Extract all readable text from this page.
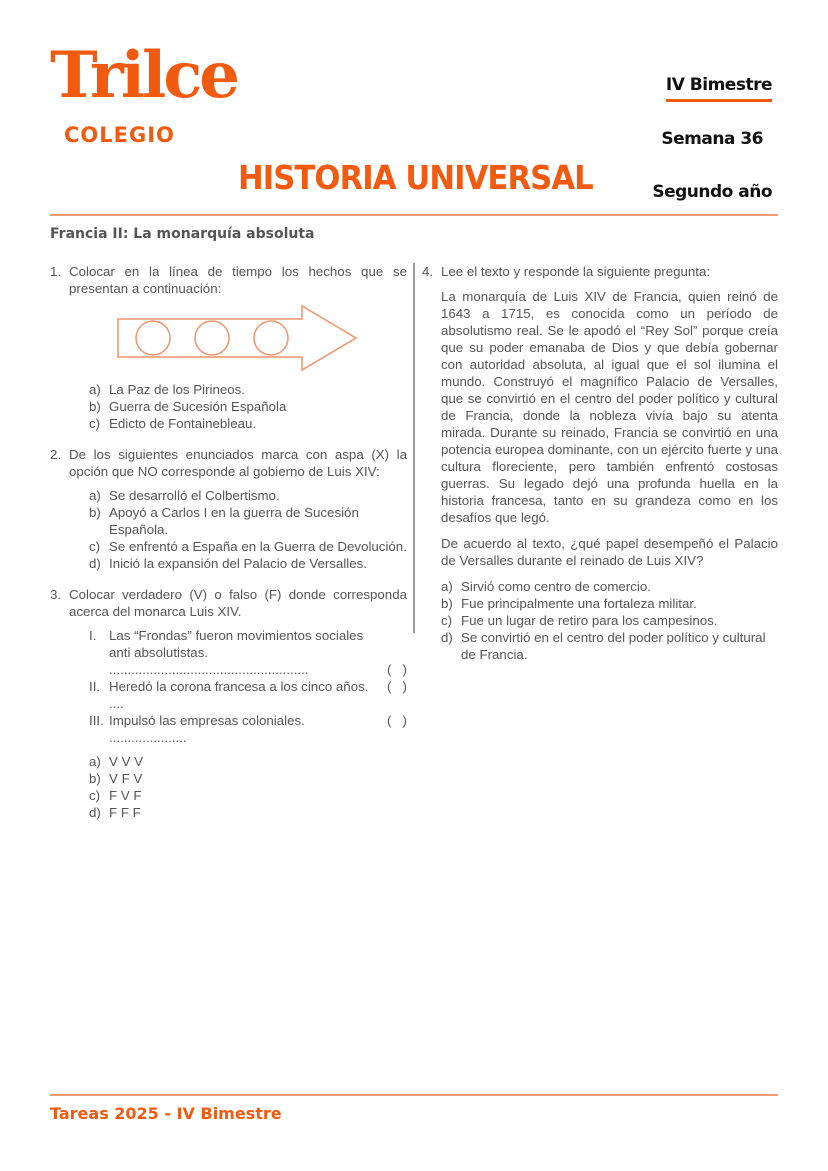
Trilce
COLEGIO
HISTORIA UNIVERSAL
IV Bimestre
Semana 36
Segundo año
Francia II: La monarquía absoluta
1. Colocar en la línea de tiempo los hechos que se presentan a continuación:
a) La Paz de los Pirineos.
b) Guerra de Sucesión Española
c) Edicto de Fontainebleau.
2. De los siguientes enunciados marca con aspa (X) la opción que NO corresponde al gobierno de Luis XIV:
a) Se desarrolló el Colbertismo.
b) Apoyó a Carlos I en la guerra de Sucesión Española.
c) Se enfrentó a España en la Guerra de Devolución.
d) Inició la expansión del Palacio de Versalles.
3. Colocar verdadero (V) o falso (F) donde corresponda acerca del monarca Luis XIV.
I. Las “Frondas” fueron movimientos sociales anti absolutistas. ......................................................	(   )
II. Heredó la corona francesa a los cinco años. ....
(   )
III. Impulsó las empresas coloniales. .....................
(   )
a) V V V
b) V F V
c) F V F
d) F F F
4. Lee el texto y responde la siguiente pregunta:

La monarquía de Luis XIV de Francia, quien reinó de 1643 a 1715, es conocida como un período de absolutismo real. Se le apodó el “Rey Sol” porque creía que su poder emanaba de Dios y que debía gobernar con autoridad absoluta, al igual que el sol ilumina el mundo. Construyó el magnífico Palacio de Versalles, que se convirtió en el centro del poder político y cultural de Francia, donde la nobleza vivía bajo su atenta mirada. Durante su reinado, Francia se convirtió en una potencia europea dominante, con un ejército fuerte y una cultura floreciente, pero también enfrentó costosas guerras. Su legado dejó una profunda huella en la historia francesa, tanto en su grandeza como en los desafíos que legó.

De acuerdo al texto, ¿qué papel desempeñó el Palacio de Versalles durante el reinado de Luis XIV?

a) Sirvió como centro de comercio.
b) Fue principalmente una fortaleza militar.
c) Fue un lugar de retiro para los campesinos.
d) Se convirtió en el centro del poder político y cultural de Francia.
Tareas 2025 - IV Bimestre
